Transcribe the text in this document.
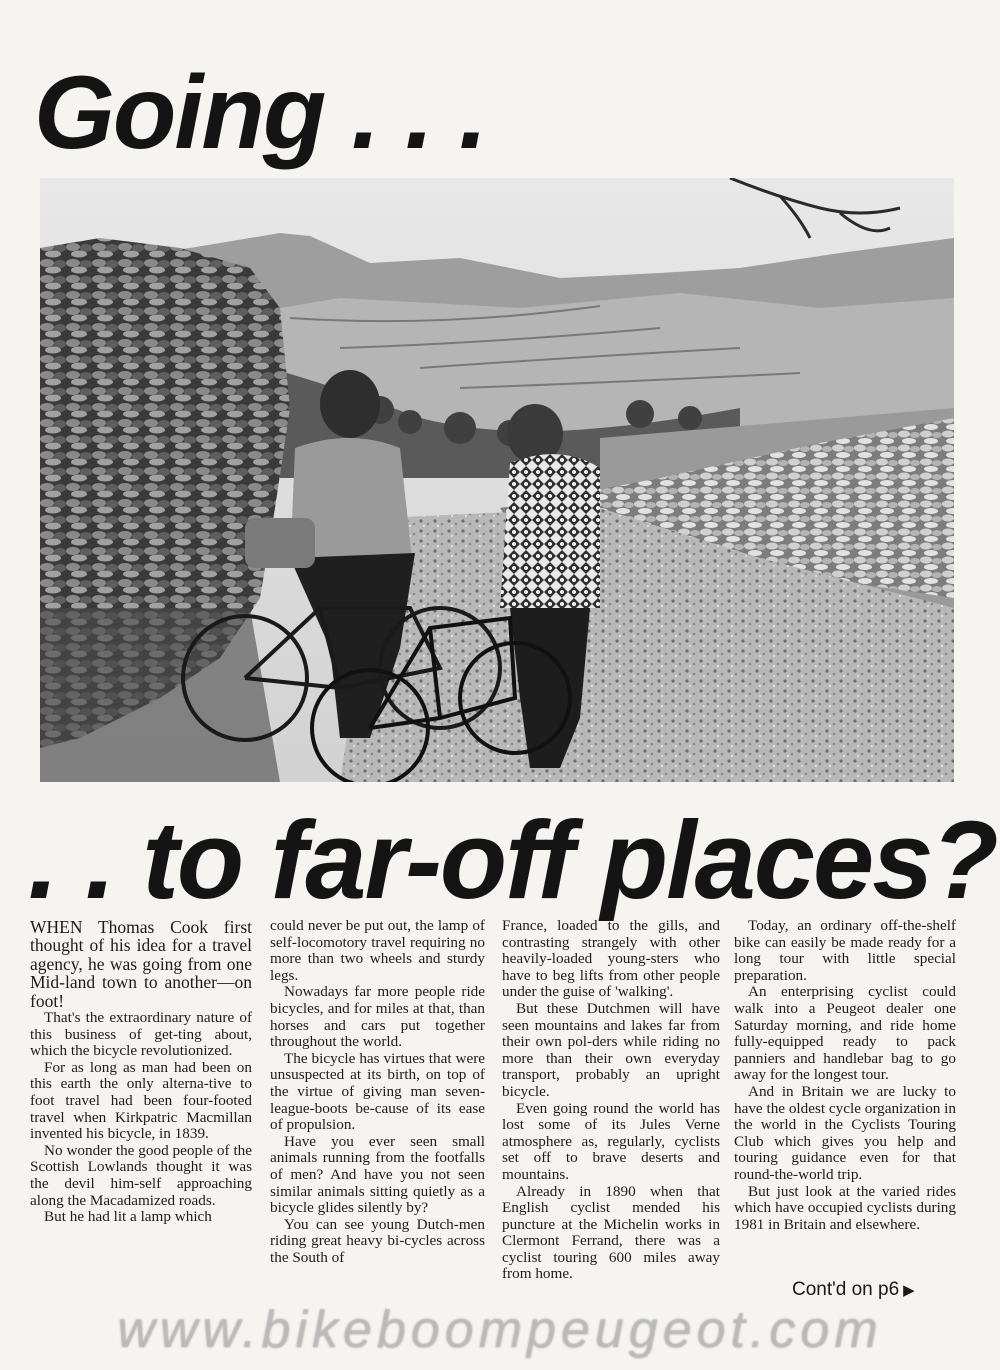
Going . . .
. . to far-off places?

WHEN Thomas Cook first thought of his idea for a travel agency, he was going from one Mid-land town to another—on foot!

That's the extraordinary nature of this business of get-ting about, which the bicycle revolutionized.

For as long as man had been on this earth the only alterna-tive to foot travel had been four-footed travel when Kirkpatric Macmillan invented his bicycle, in 1839.

No wonder the good people of the Scottish Lowlands thought it was the devil him-self approaching along the Macadamized roads.

But he had lit a lamp which

could never be put out, the lamp of self-locomotory travel requiring no more than two wheels and sturdy legs.

Nowadays far more people ride bicycles, and for miles at that, than horses and cars put together throughout the world.

The bicycle has virtues that were unsuspected at its birth, on top of the virtue of giving man seven-league-boots be-cause of its ease of propulsion.

Have you ever seen small animals running from the footfalls of men? And have you not seen similar animals sitting quietly as a bicycle glides silently by?

You can see young Dutch-men riding great heavy bi-cycles across the South of

France, loaded to the gills, and contrasting strangely with other heavily-loaded young-sters who have to beg lifts from other people under the guise of 'walking'.

But these Dutchmen will have seen mountains and lakes far from their own pol-ders while riding no more than their own everyday transport, probably an upright bicycle.

Even going round the world has lost some of its Jules Verne atmosphere as, regularly, cyclists set off to brave deserts and mountains.

Already in 1890 when that English cyclist mended his puncture at the Michelin works in Clermont Ferrand, there was a cyclist touring 600 miles away from home.

Today, an ordinary off-the-shelf bike can easily be made ready for a long tour with little special preparation.

An enterprising cyclist could walk into a Peugeot dealer one Saturday morning, and ride home fully-equipped ready to pack panniers and handlebar bag to go away for the longest tour.

And in Britain we are lucky to have the oldest cycle organization in the world in the Cyclists Touring Club which gives you help and touring guidance even for that round-the-world trip.

But just look at the varied rides which have occupied cyclists during 1981 in Britain and elsewhere.

Cont'd on p6 ▶
www.bikeboompeugeot.com
